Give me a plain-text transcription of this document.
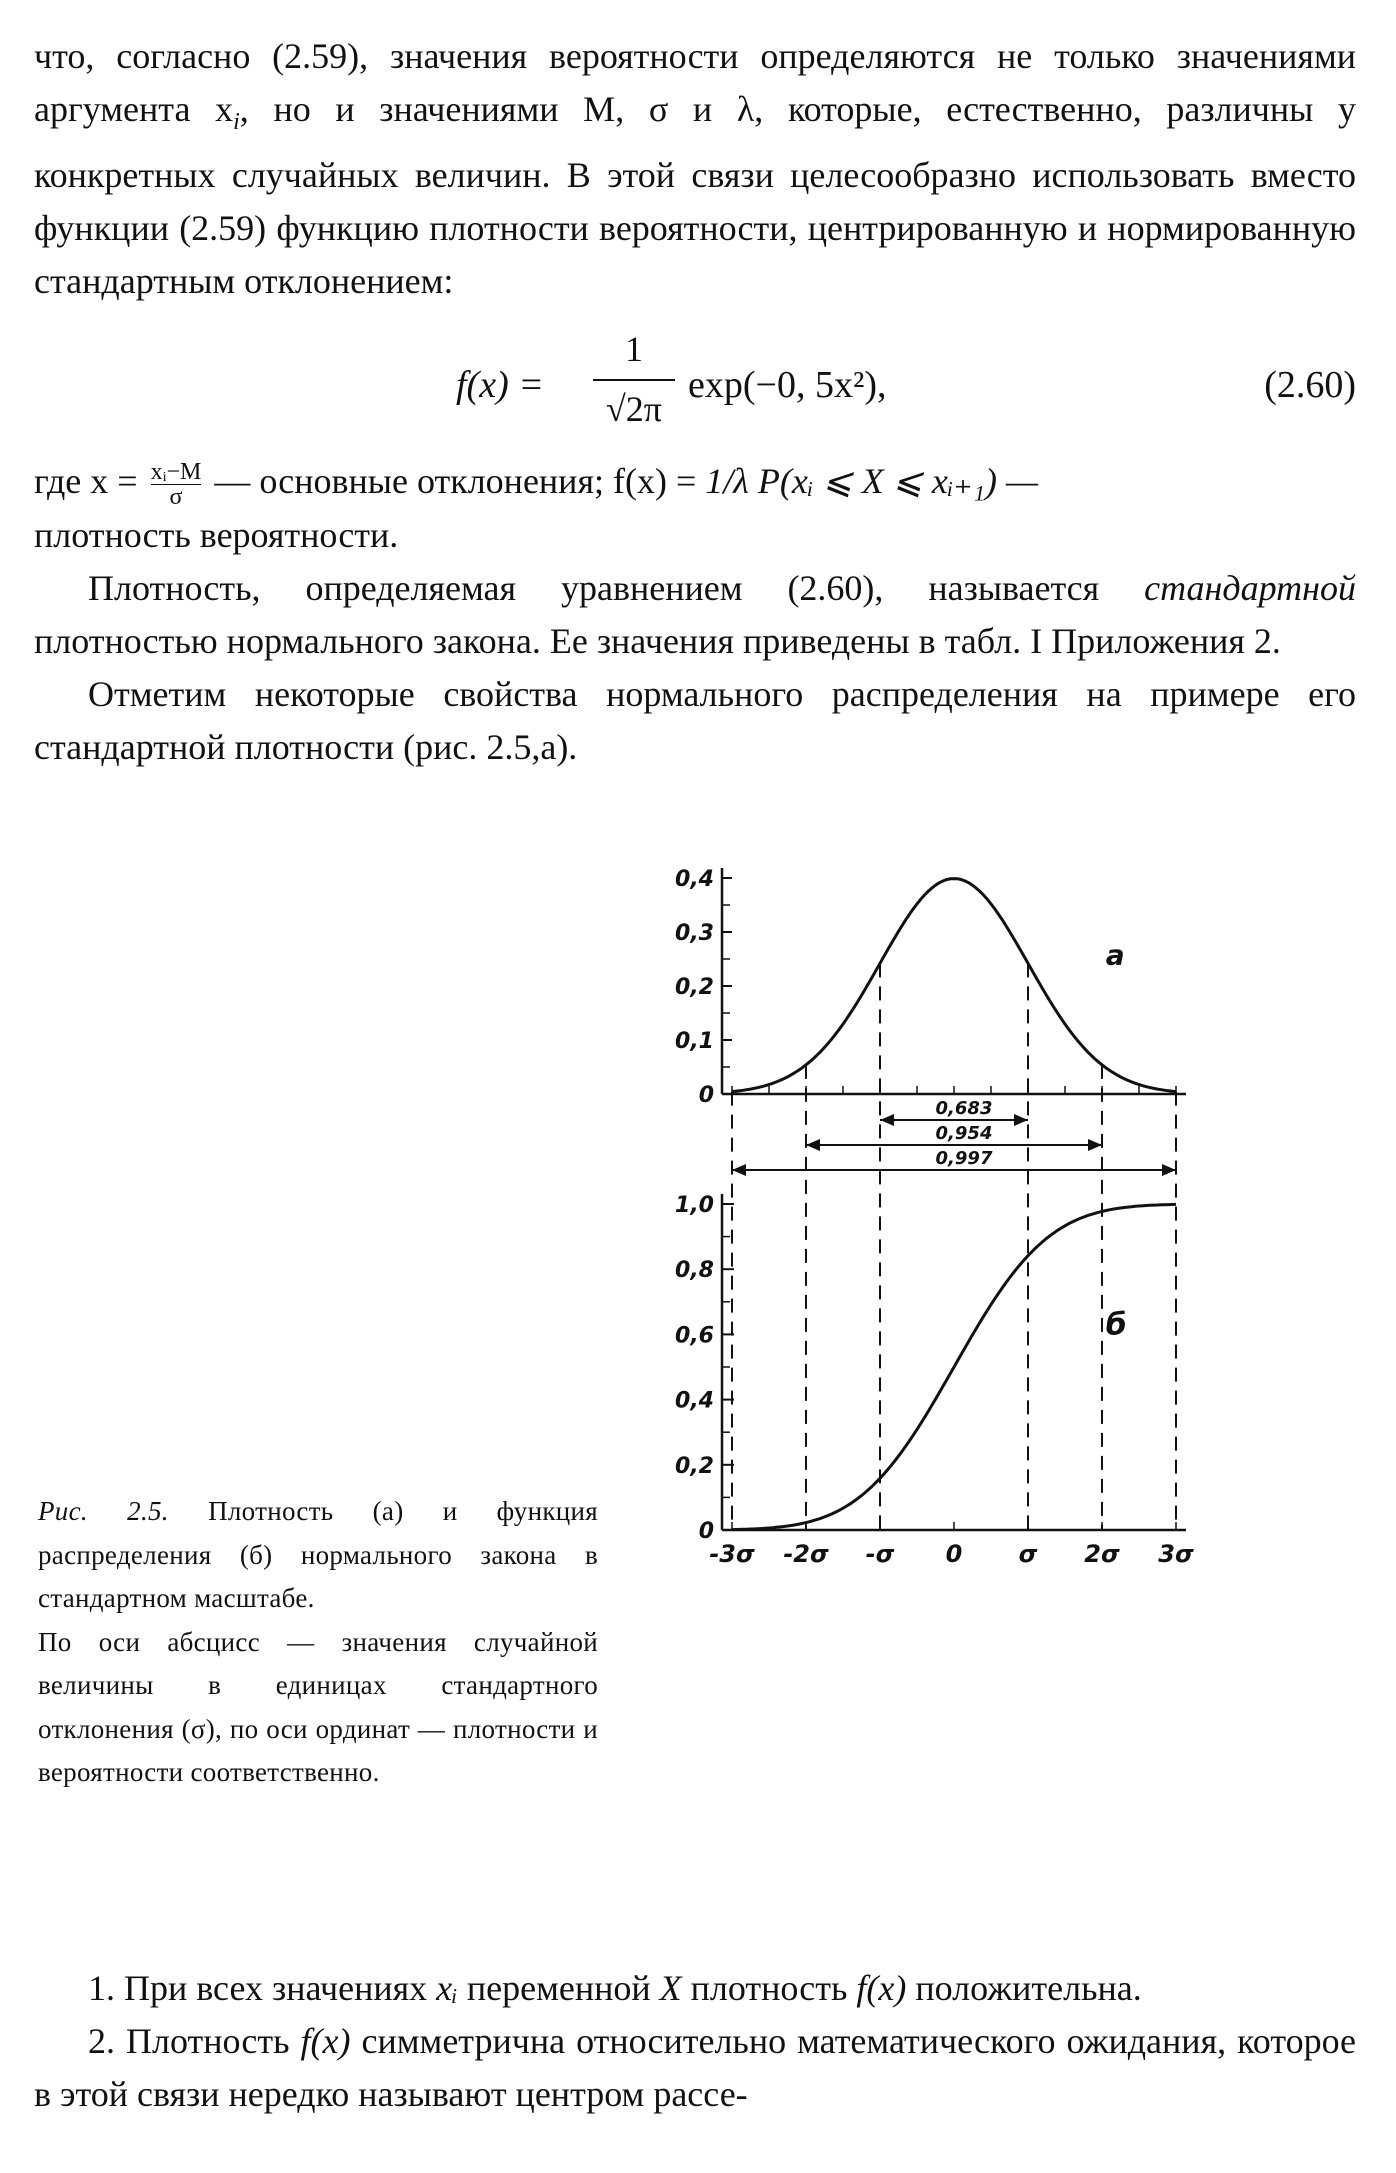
что, согласно (2.59), значения вероятности определяются не только значениями аргумента $x_i$, но и значениями M, σ и λ, которые, естественно, различны у конкретных случайных величин. В этой связи целесообразно использовать вместо функции (2.59) функцию плотности вероятности, центрированную и нормированную стандартным отклонением:

f(x) =
1
√2π
exp(−0, 5x²),	(2.60)

где $x = \frac{\text{xᵢ−M}}{\sigma}$ — основные отклонения; f(x) = 1/λ P(xᵢ ⩽ X ⩽ xᵢ₊₁) —
плотность вероятности.

Плотность, определяемая уравнением (2.60), называется стандартной плотностью нормального закона. Ее значения приведены в табл. I Приложения 2.

Отметим некоторые свойства нормального распределения на примере его стандартной плотности (рис. 2.5,а).

Рис. 2.5. Плотность (а) и функция распределения (б) нормального закона в стандартном масштабе.

По оси абсцисс — значения случайной величины в единицах стандартного отклонения (σ), по оси ординат — плотности и вероятности соответственно.

0
0,1
0,2
0,3
0,4
а
0
0,2
0,4
0,6
0,8
1,0
-3σ -2σ -σ 0 σ 2σ 3σ
б
0,683
0,954
0,997

1. При всех значениях xᵢ переменной X плотность f(x) положительна.

2. Плотность f(x) симметрична относительно математического ожидания, которое в этой связи нередко называют центром рассе-
